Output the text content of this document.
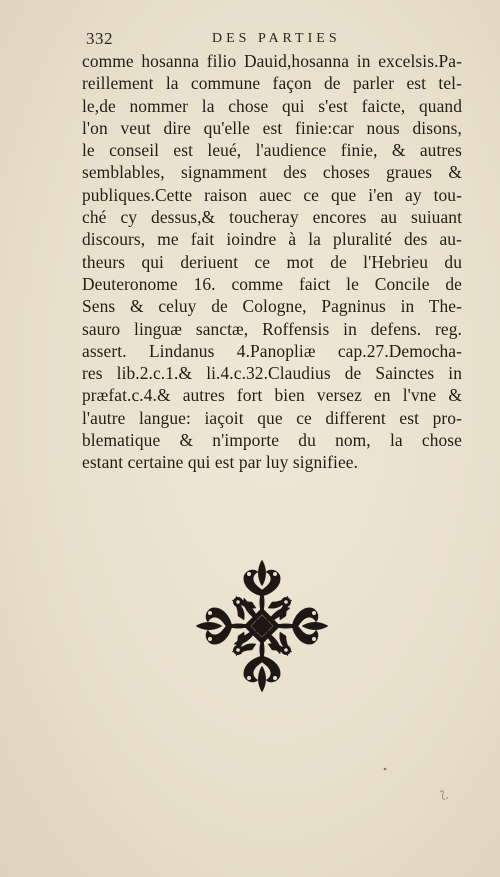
332	DES PARTIES
comme hosanna filio Dauid,hosanna in excelsis.Pa-
reillement la commune façon de parler est tel-
le,de nommer la chose qui s'est faicte, quand
l'on veut dire qu'elle est finie:car nous disons,
le conseil est leué, l'audience finie, & autres
semblables, signamment des choses graues &
publiques.Cette raison auec ce que i'en ay tou-
ché cy dessus,& toucheray encores au suiuant
discours, me fait ioindre à la pluralité des au-
theurs qui deriuent ce mot de l'Hebrieu du
Deuteronome 16. comme faict le Concile de
Sens & celuy de Cologne, Pagninus in The-
sauro linguæ sanctæ, Roffensis in defens. reg.
assert. Lindanus 4.Panopliæ cap.27.Democha-
res lib.2.c.1.& li.4.c.32.Claudius de Sainctes in
præfat.c.4.& autres fort bien versez en l'vne &
l'autre langue: iaçoit que ce different est pro-
blematique & n'importe du nom, la chose
estant certaine qui est par luy signifiee.
